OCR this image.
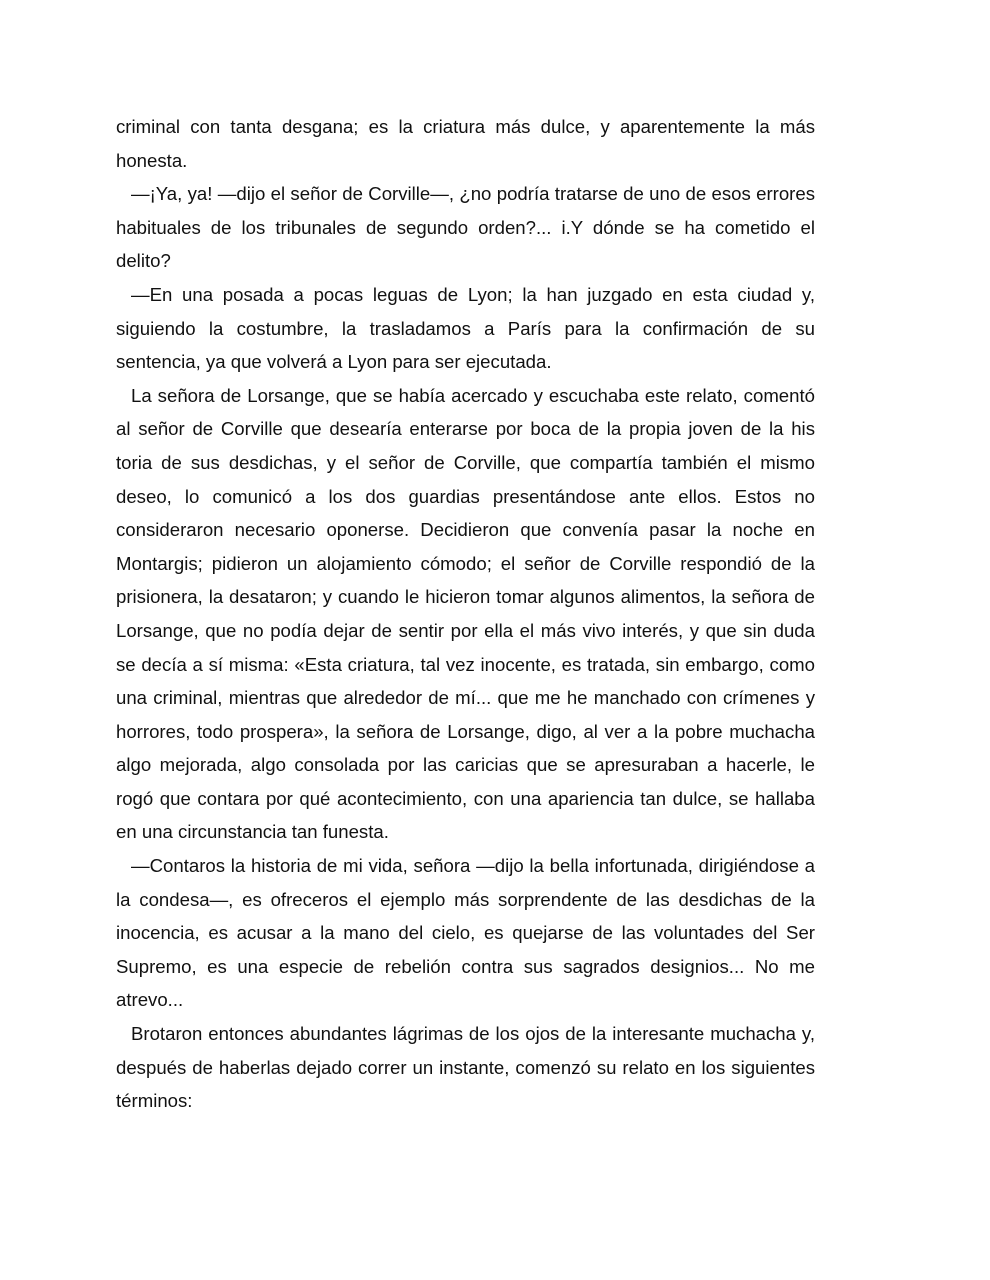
criminal con tanta desgana; es la criatura más dulce, y aparentemente la más honesta.

—¡Ya, ya! —dijo el señor de Corville—, ¿no podría tratarse de uno de esos errores habituales de los tribunales de segundo orden?... i.Y dónde se ha cometido el delito?

—En una posada a pocas leguas de Lyon; la han juzgado en esta ciudad y, siguiendo la costumbre, la trasladamos a París para la confirmación de su sentencia, ya que volverá a Lyon para ser ejecutada.

La señora de Lorsange, que se había acercado y escuchaba este relato, comentó al señor de Corville que desearía enterarse por boca de la propia joven de la his toria de sus desdichas, y el señor de Corville, que compartía también el mismo deseo, lo comunicó a los dos guardias presentándose ante ellos. Estos no consideraron necesario oponerse. Decidieron que convenía pasar la noche en Montargis; pidieron un alojamiento cómodo; el señor de Corville respondió de la prisionera, la desataron; y cuando le hicieron tomar algunos alimentos, la señora de Lorsange, que no podía dejar de sentir por ella el más vivo interés, y que sin duda se decía a sí misma: «Esta criatura, tal vez inocente, es tratada, sin embargo, como una criminal, mientras que alrededor de mí... que me he manchado con crímenes y horrores, todo prospera», la señora de Lorsange, digo, al ver a la pobre muchacha algo mejorada, algo consolada por las caricias que se apresuraban a hacerle, le rogó que contara por qué acontecimiento, con una apariencia tan dulce, se hallaba en una circunstancia tan funesta.

—Contaros la historia de mi vida, señora —dijo la bella infortunada, dirigiéndose a la condesa—, es ofreceros el ejemplo más sorprendente de las desdichas de la inocencia, es acusar a la mano del cielo, es quejarse de las voluntades del Ser Supremo, es una especie de rebelión contra sus sagrados designios... No me atrevo...

Brotaron entonces abundantes lágrimas de los ojos de la interesante muchacha y, después de haberlas dejado correr un instante, comenzó su relato en los siguientes términos:
